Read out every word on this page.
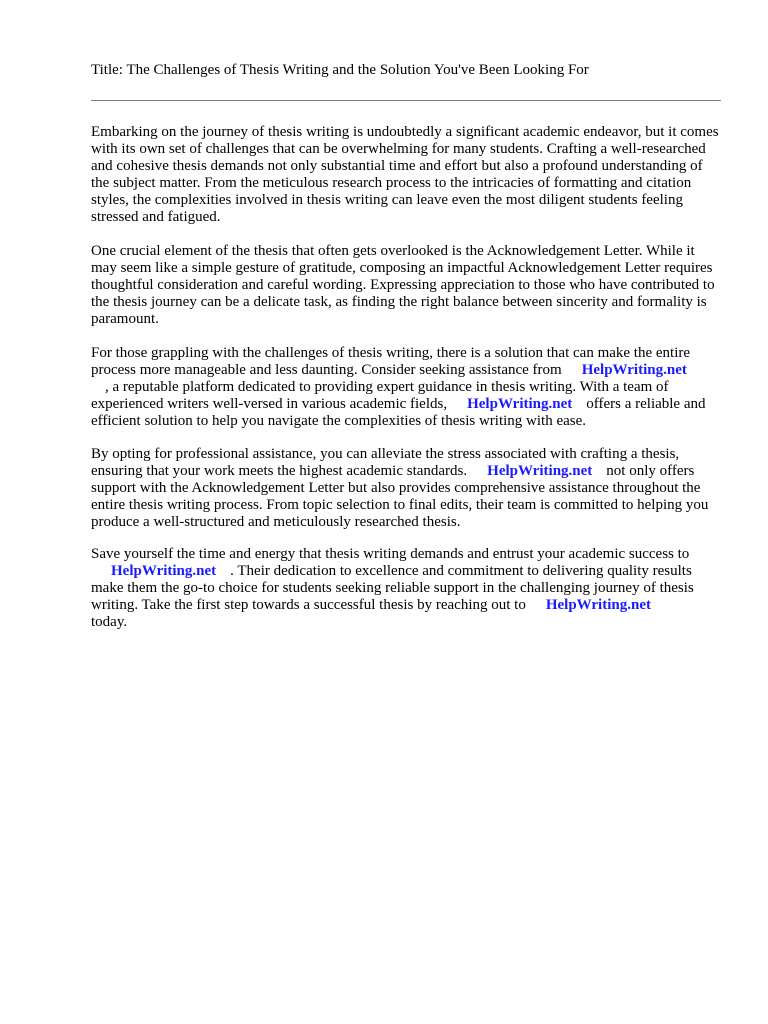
Title: The Challenges of Thesis Writing and the Solution You've Been Looking For

Embarking on the journey of thesis writing is undoubtedly a significant academic endeavor, but it comes with its own set of challenges that can be overwhelming for many students. Crafting a well-researched and cohesive thesis demands not only substantial time and effort but also a profound understanding of the subject matter. From the meticulous research process to the intricacies of formatting and citation styles, the complexities involved in thesis writing can leave even the most diligent students feeling stressed and fatigued.

One crucial element of the thesis that often gets overlooked is the Acknowledgement Letter. While it may seem like a simple gesture of gratitude, composing an impactful Acknowledgement Letter requires thoughtful consideration and careful wording. Expressing appreciation to those who have contributed to the thesis journey can be a delicate task, as finding the right balance between sincerity and formality is paramount.

For those grappling with the challenges of thesis writing, there is a solution that can make the entire process more manageable and less daunting. Consider seeking assistance from HelpWriting.net
, a reputable platform dedicated to providing expert guidance in thesis writing. With a team of experienced writers well-versed in various academic fields, HelpWriting.net offers a reliable and efficient solution to help you navigate the complexities of thesis writing with ease.

By opting for professional assistance, you can alleviate the stress associated with crafting a thesis, ensuring that your work meets the highest academic standards. HelpWriting.net not only offers support with the Acknowledgement Letter but also provides comprehensive assistance throughout the entire thesis writing process. From topic selection to final edits, their team is committed to helping you produce a well-structured and meticulously researched thesis.

Save yourself the time and energy that thesis writing demands and entrust your academic success to
HelpWriting.net . Their dedication to excellence and commitment to delivering quality results make them the go-to choice for students seeking reliable support in the challenging journey of thesis writing. Take the first step towards a successful thesis by reaching out to HelpWriting.net
today.
